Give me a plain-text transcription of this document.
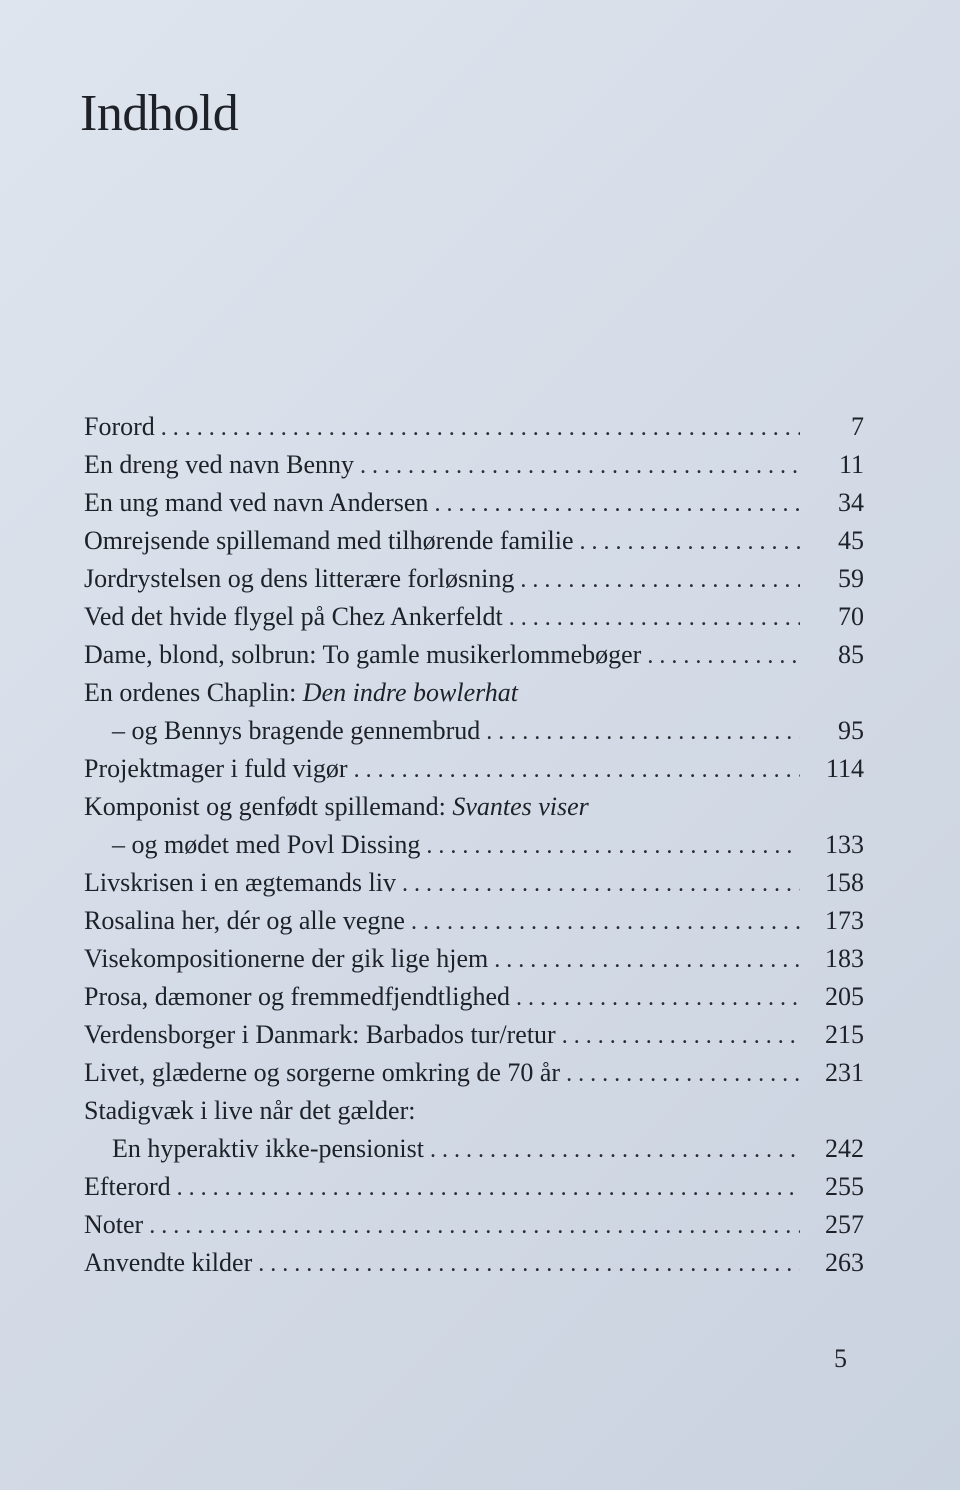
Indhold
Forord . . .	7
En dreng ved navn Benny . . .	11
En ung mand ved navn Andersen . . .	34
Omrejsende spillemand med tilhørende familie . . .	45
Jordrystelsen og dens litterære forløsning . . .	59
Ved det hvide flygel på Chez Ankerfeldt . . .	70
Dame, blond, solbrun: To gamle musikerlommebøger . . .	85
En ordenes Chaplin: Den indre bowlerhat
– og Bennys bragende gennembrud . . .	95
Projektmager i fuld vigør . . .	114
Komponist og genfødt spillemand: Svantes viser
– og mødet med Povl Dissing . . .	133
Livskrisen i en ægtemands liv . . .	158
Rosalina her, dér og alle vegne . . .	173
Visekompositionerne der gik lige hjem . . .	183
Prosa, dæmoner og fremmedfjendtlighed . . .	205
Verdensborger i Danmark: Barbados tur/retur . . .	215
Livet, glæderne og sorgerne omkring de 70 år . . .	231
Stadigvæk i live når det gælder:
En hyperaktiv ikke-pensionist . . .	242
Efterord . . .	255
Noter . . .	257
Anvendte kilder . . .	263
5
